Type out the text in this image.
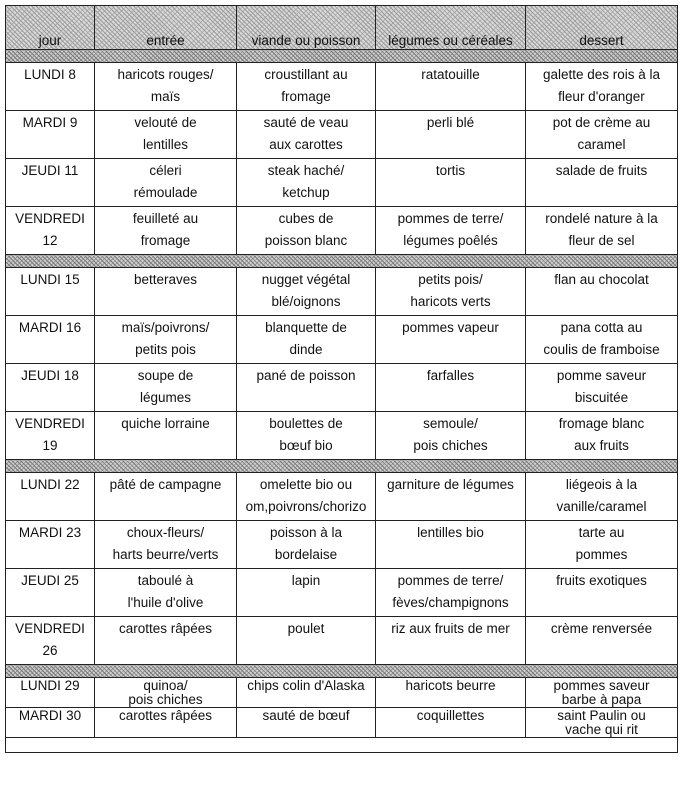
jour	entrée	viande ou poisson	légumes ou céréales	dessert

LUNDI 8	haricots rouges/
maïs	croustillant au
fromage	ratatouille	galette des rois à la
fleur d'oranger

MARDI 9	velouté de
lentilles	sauté de veau
aux carottes	perli blé	pot de crème au
caramel

JEUDI 11	céleri
rémoulade	steak haché/
ketchup	tortis	salade de fruits

VENDREDI
12	feuilleté au
fromage	cubes de
poisson blanc	pommes de terre/
légumes poêlés	rondelé nature à la
fleur de sel

LUNDI 15	betteraves	nugget végétal
blé/oignons	petits pois/
haricots verts	flan au chocolat

MARDI 16	maïs/poivrons/
petits pois	blanquette de
dinde	pommes vapeur	pana cotta au
coulis de framboise

JEUDI 18	soupe de
légumes	pané de poisson	farfalles	pomme saveur
biscuitée

VENDREDI
19	quiche lorraine	boulettes de
bœuf bio	semoule/
pois chiches	fromage blanc
aux fruits

LUNDI 22	pâté de campagne	omelette bio ou
om,poivrons/chorizo	garniture de légumes	liégeois à la
vanille/caramel

MARDI 23	choux-fleurs/
harts beurre/verts	poisson à la
bordelaise	lentilles bio	tarte au
pommes

JEUDI 25	taboulé à
l'huile d'olive	lapin	pommes de terre/
fèves/champignons	fruits exotiques

VENDREDI
26	carottes râpées	poulet	riz aux fruits de mer	crème renversée

LUNDI 29	quinoa/
pois chiches	chips colin d'Alaska	haricots beurre	pommes saveur
barbe à papa

MARDI 30	carottes râpées	sauté de bœuf	coquillettes	saint Paulin ou
vache qui rit
